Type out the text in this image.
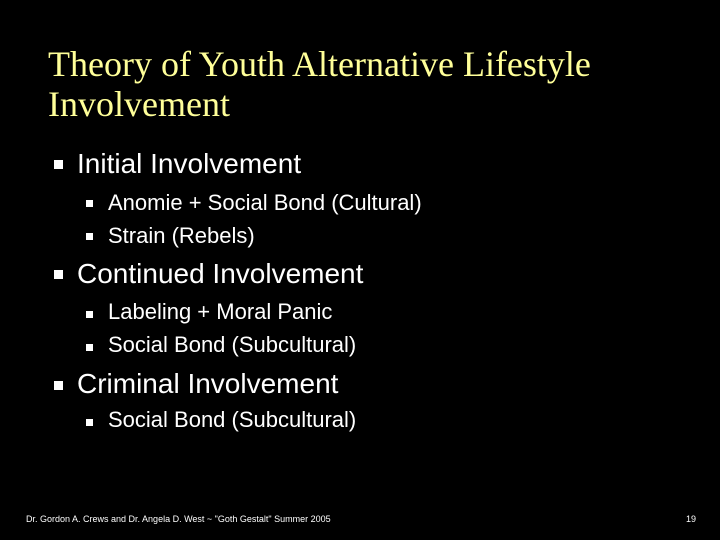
Theory of Youth Alternative Lifestyle Involvement
Initial Involvement
Anomie + Social Bond (Cultural)
Strain (Rebels)
Continued Involvement
Labeling + Moral Panic
Social Bond (Subcultural)
Criminal Involvement
Social Bond (Subcultural)
Dr. Gordon A. Crews and Dr. Angela D. West ~ "Goth Gestalt" Summer 2005	19
